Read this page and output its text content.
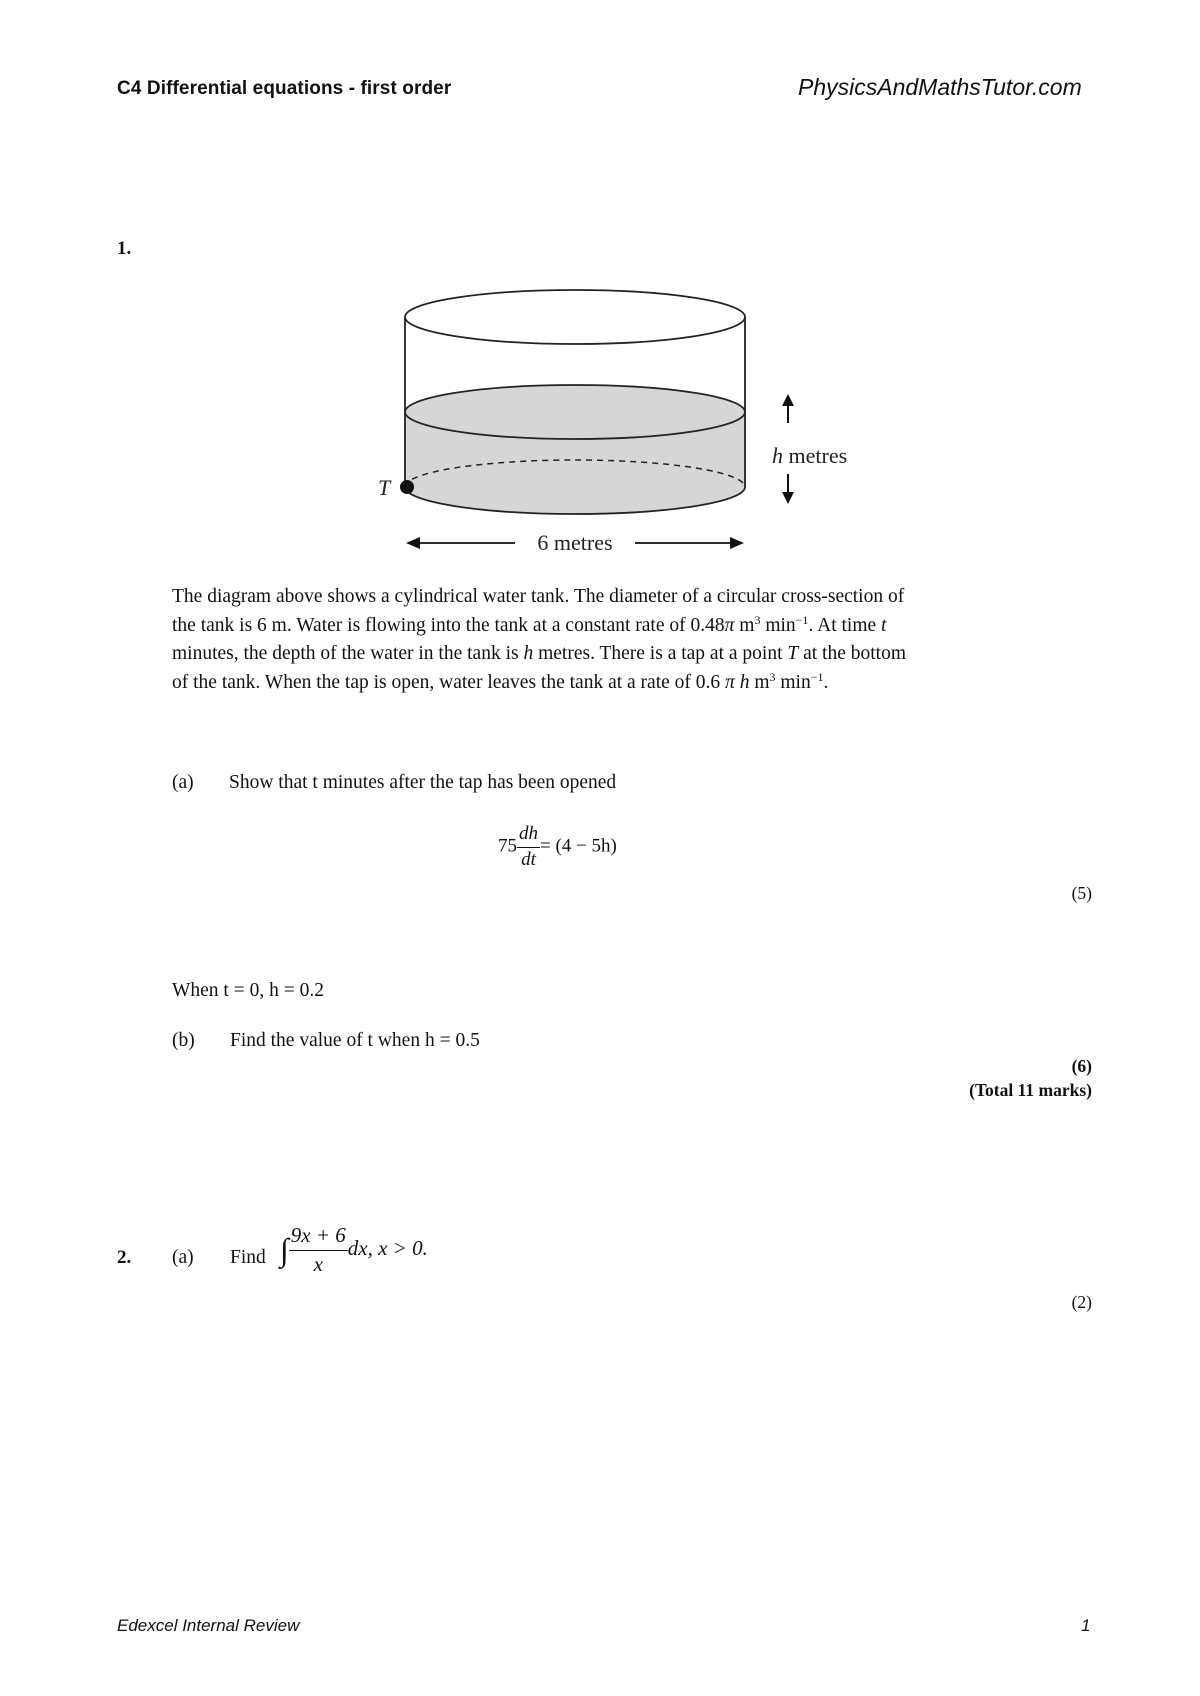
C4 Differential equations - first order	PhysicsAndMathsTutor.com
1.
T
h metres
6 metres

The diagram above shows a cylindrical water tank. The diameter of a circular cross-section of

the tank is 6 m. Water is flowing into the tank at a constant rate of 0.48π $m^3$ $\min^{-1}$. At time t

minutes, the depth of the water in the tank is h metres. There is a tap at a point T at the bottom

of the tank. When the tap is open, water leaves the tank at a rate of 0.6 π h $m^3$ $\min^{-1}$.

(a) Show that t minutes after the tap has been opened
$75 \frac{dh}{dt} = (4 - 5h)$
(5)
When t = 0, h = 0.2
(b) Find the value of t when h = 0.5
(6)
(Total 11 marks)
2. (a) Find ∫ $\frac{9x + 6}{x}$ dx, x > 0.
(2)
Edexcel Internal Review	1
